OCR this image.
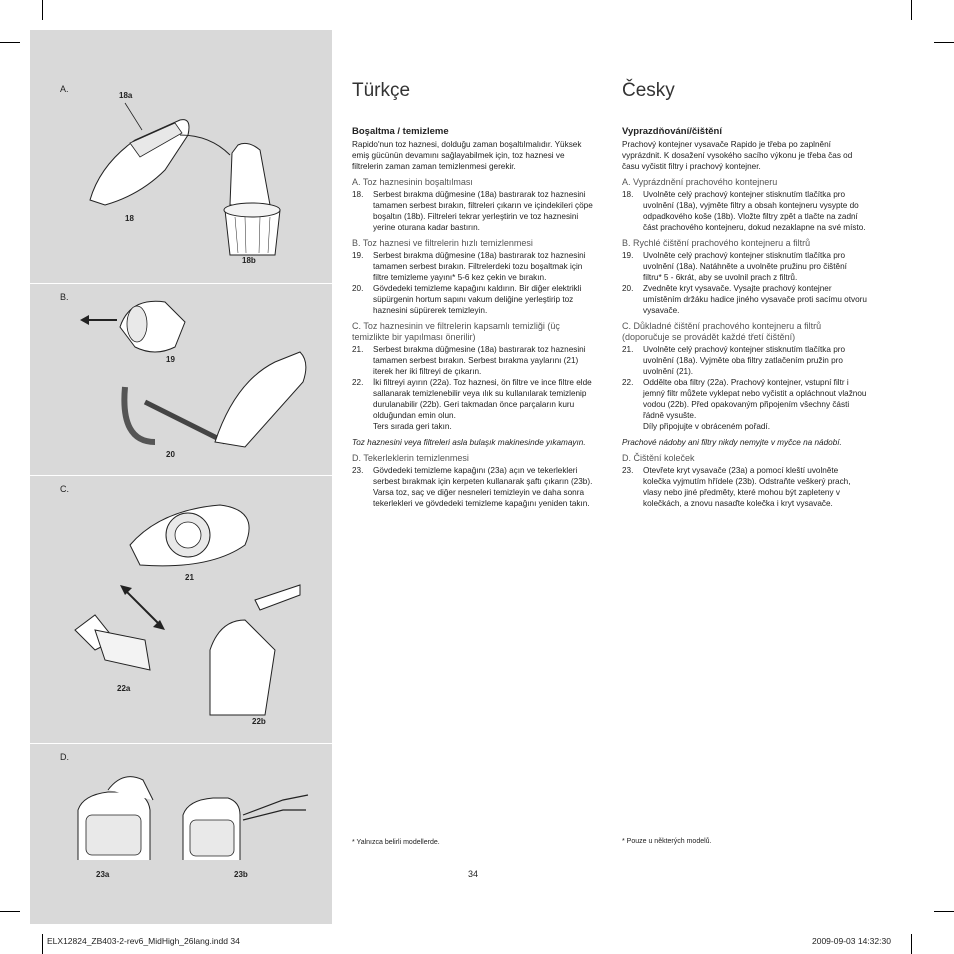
A.
18a
18
18b
B.
19
20
C.
21
22a
22b
D.
23a	23b
Türkçe
Boşaltma / temizleme
Rapido'nun toz haznesi, dolduğu zaman boşaltılmalıdır. Yüksek emiş gücünün devamını sağlayabilmek için, toz haznesi ve filtrelerin zaman zaman temizlenmesi gerekir.
A. Toz haznesinin boşaltılması
18.	Serbest bırakma düğmesine (18a) bastırarak toz haznesini tamamen serbest bırakın, filtreleri çıkarın ve içindekileri çöpe boşaltın (18b). Filtreleri tekrar yerleştirin ve toz haznesini yerine oturana kadar bastırın.
B. Toz haznesi ve filtrelerin hızlı temizlenmesi
19.	Serbest bırakma düğmesine (18a) bastırarak toz haznesini tamamen serbest bırakın. Filtrelerdeki tozu boşaltmak için filtre temizleme yayını* 5-6 kez çekin ve bırakın.
20.	Gövdedeki temizleme kapağını kaldırın. Bir diğer elektrikli süpürgenin hortum sapını vakum deliğine yerleştirip toz haznesini süpürerek temizleyin.
C. Toz haznesinin ve filtrelerin kapsamlı temizliği (üç temizlikte bir yapılması önerilir)
21.	Serbest bırakma düğmesine (18a) bastırarak toz haznesini tamamen serbest bırakın. Serbest bırakma yaylarını (21) iterek her iki filtreyi de çıkarın.
22.	İki filtreyi ayırın (22a). Toz haznesi, ön filtre ve ince filtre elde sallanarak temizlenebilir veya ılık su kullanılarak temizlenip durulanabilir (22b). Geri takmadan önce parçaların kuru olduğundan emin olun.
Ters sırada geri takın.
Toz haznesini veya filtreleri asla bulaşık makinesinde yıkamayın.
D. Tekerleklerin temizlenmesi
23.	Gövdedeki temizleme kapağını (23a) açın ve tekerlekleri serbest bırakmak için kerpeten kullanarak şaftı çıkarın (23b). Varsa toz, saç ve diğer nesneleri temizleyin ve daha sonra tekerlekleri ve gövdedeki temizleme kapağını yeniden takın.
* Yalnızca belirli modellerde.
Česky
Vyprazdňování/čištění
Prachový kontejner vysavače Rapido je třeba po zaplnění vyprázdnit. K dosažení vysokého sacího výkonu je třeba čas od času vyčistit filtry i prachový kontejner.
A. Vyprázdnění prachového kontejneru
18.	Uvolněte celý prachový kontejner stisknutím tlačítka pro uvolnění (18a), vyjměte filtry a obsah kontejneru vysypte do odpadkového koše (18b). Vložte filtry zpět a tlačte na zadní část prachového kontejneru, dokud nezaklapne na své místo.
B. Rychlé čištění prachového kontejneru a filtrů
19.	Uvolněte celý prachový kontejner stisknutím tlačítka pro uvolnění (18a). Natáhněte a uvolněte pružinu pro čištění filtru* 5 - 6krát, aby se uvolnil prach z filtrů.
20.	Zvedněte kryt vysavače. Vysajte prachový kontejner umístěním držáku hadice jiného vysavače proti sacímu otvoru vysavače.
C. Důkladné čištění prachového kontejneru a filtrů (doporučuje se provádět každé třetí čištění)
21.	Uvolněte celý prachový kontejner stisknutím tlačítka pro uvolnění (18a). Vyjměte oba filtry zatlačením pružin pro uvolnění (21).
22.	Oddělte oba filtry (22a). Prachový kontejner, vstupní filtr i jemný filtr můžete vyklepat nebo vyčistit a opláchnout vlažnou vodou (22b). Před opakovaným připojením všechny části řádně vysušte.
Díly připojujte v obráceném pořadí.
Prachové nádoby ani filtry nikdy nemyjte v myčce na nádobí.
D. Čištění koleček
23.	Otevřete kryt vysavače (23a) a pomocí kleští uvolněte kolečka vyjmutím hřídele (23b). Odstraňte veškerý prach, vlasy nebo jiné předměty, které mohou být zapleteny v kolečkách, a znovu nasaďte kolečka i kryt vysavače.
* Pouze u některých modelů.
34
ELX12824_ZB403-2-rev6_MidHigh_26lang.indd 34	2009-09-03 14:32:30
